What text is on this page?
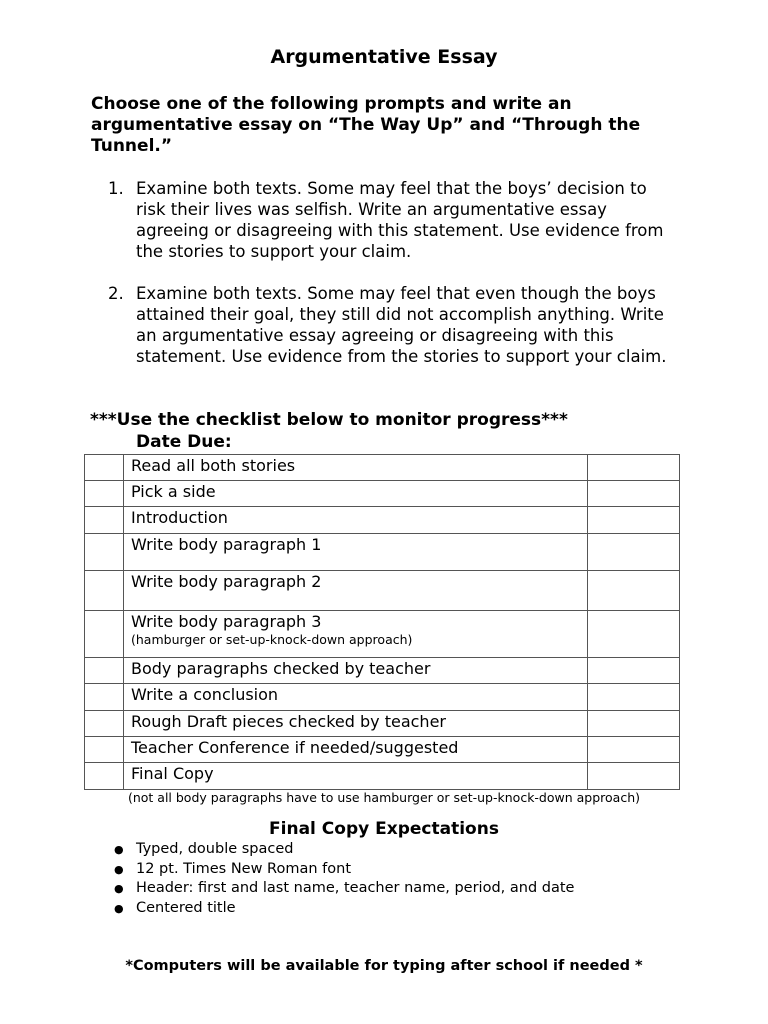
Argumentative Essay
Choose one of the following prompts and write an argumentative essay on “The Way Up” and “Through the Tunnel.”
1. Examine both texts. Some may feel that the boys’ decision to risk their lives was selfish. Write an argumentative essay agreeing or disagreeing with this statement. Use evidence from the stories to support your claim.
2. Examine both texts. Some may feel that even though the boys attained their goal, they still did not accomplish anything. Write an argumentative essay agreeing or disagreeing with this statement. Use evidence from the stories to support your claim.
***Use the checklist below to monitor progress***
Date Due:
	Read all both stories	
	Pick a side	
	Introduction	
	Write body paragraph 1	
	Write body paragraph 2	
	Write body paragraph 3
(hamburger or set-up-knock-down approach)	

	Body paragraphs checked by teacher	
	Write a conclusion	
	Rough Draft pieces checked by teacher	
	Teacher Conference if needed/suggested	
	Final Copy	
(not all body paragraphs have to use hamburger or set-up-knock-down approach)
Final Copy Expectations
● Typed, double spaced
● 12 pt. Times New Roman font
● Header: first and last name, teacher name, period, and date
● Centered title
*Computers will be available for typing after school if needed *
